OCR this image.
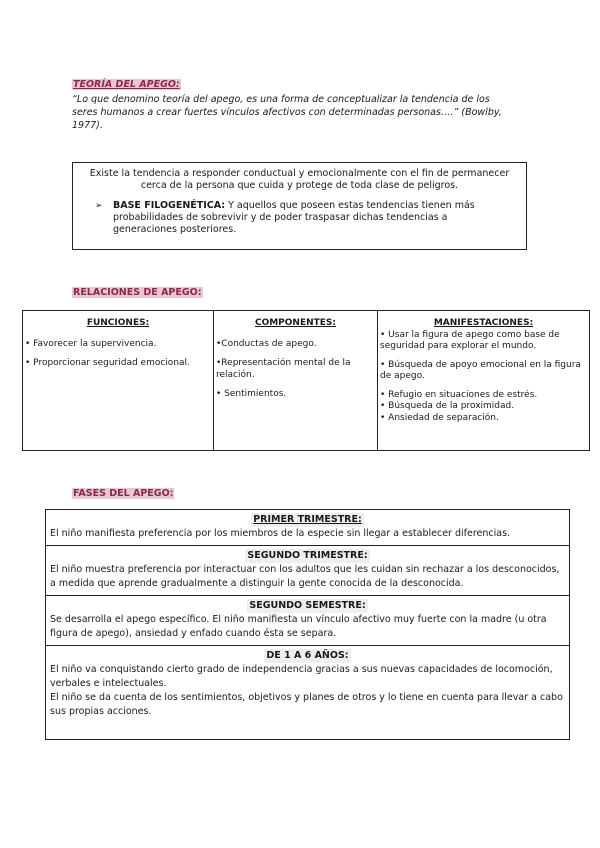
TEORÍA DEL APEGO:
“Lo que denomino teoría del apego, es una forma de conceptualizar la tendencia de los
seres humanos a crear fuertes vínculos afectivos con determinadas personas….” (Bowlby,
1977).
Existe la tendencia a responder conductual y emocionalmente con el fin de permanecer
cerca de la persona que cuida y protege de toda clase de peligros.
➢	BASE FILOGENÉTICA: Y aquellos que poseen estas tendencias tienen más probabilidades de sobrevivir y de poder traspasar dichas tendencias a generaciones posteriores.
RELACIONES DE APEGO:
FUNCIONES:

• Favorecer la supervivencia.

• Proporcionar seguridad emocional.

COMPONENTES:

•Conductas de apego.

•Representación mental de la relación.

• Sentimientos.

MANIFESTACIONES:

• Usar la figura de apego como base de seguridad para explorar el mundo.

• Búsqueda de apoyo emocional en la figura de apego.

• Refugio en situaciones de estrés.

• Búsqueda de la proximidad.

• Ansiedad de separación.

FASES DEL APEGO:
PRIMER TRIMESTRE:
El niño manifiesta preferencia por los miembros de la especie sin llegar a establecer diferencias.
SEGUNDO TRIMESTRE:
El niño muestra preferencia por interactuar con los adultos que les cuidan sin rechazar a los desconocidos, a medida que aprende gradualmente a distinguir la gente conocida de la desconocida.
SEGUNDO SEMESTRE:
Se desarrolla el apego específico. El niño manifiesta un vínculo afectivo muy fuerte con la madre (u otra figura de apego), ansiedad y enfado cuando ésta se separa.
DE 1 A 6 AÑOS:
El niño va conquistando cierto grado de independencia gracias a sus nuevas capacidades de locomoción, verbales e intelectuales.
El niño se da cuenta de los sentimientos, objetivos y planes de otros y lo tiene en cuenta para llevar a cabo sus propias acciones.
